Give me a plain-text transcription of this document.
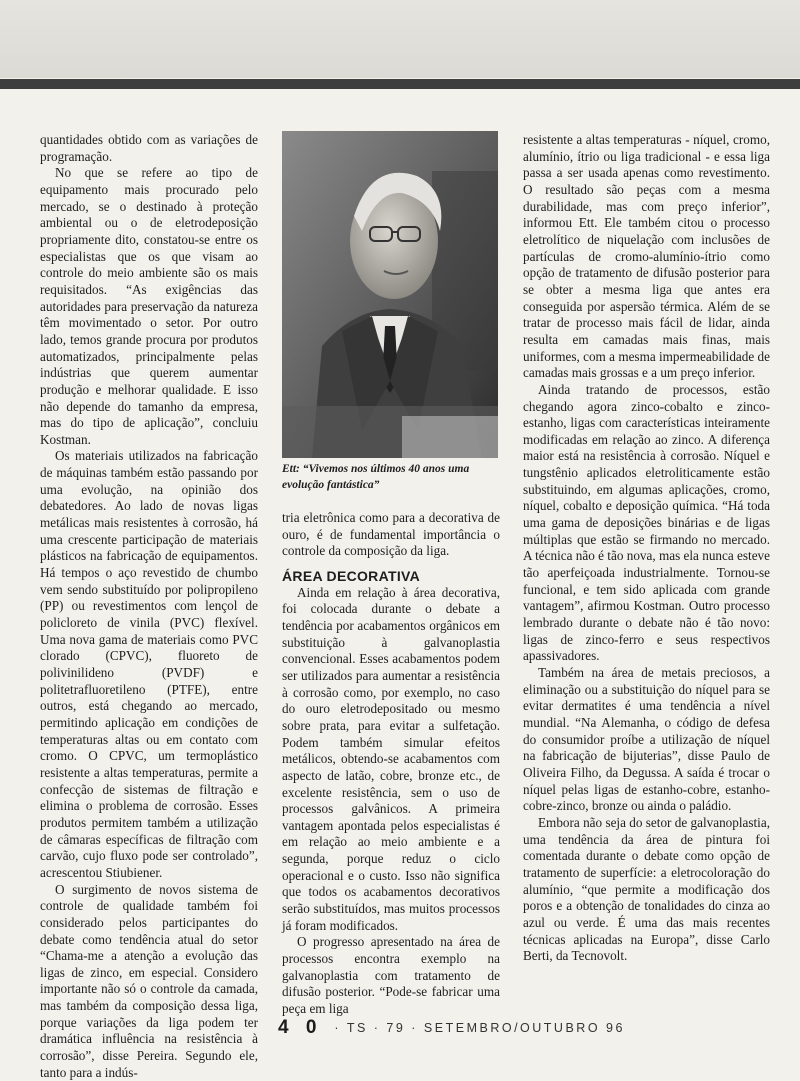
quantidades obtido com as variações de programação.

No que se refere ao tipo de equipamento mais procurado pelo mercado, se o destinado à proteção ambiental ou o de eletrodeposição propriamente dito, constatou-se entre os especialistas que os que visam ao controle do meio ambiente são os mais requisitados. “As exigências das autoridades para preservação da natureza têm movimentado o setor. Por outro lado, temos grande procura por produtos automatizados, principalmente pelas indústrias que querem aumentar produção e melhorar qualidade. E isso não depende do tamanho da empresa, mas do tipo de aplicação”, concluiu Kostman.

Os materiais utilizados na fabricação de máquinas também estão passando por uma evolução, na opinião dos debatedores. Ao lado de novas ligas metálicas mais resistentes à corrosão, há uma crescente participação de materiais plásticos na fabricação de equipamentos. Há tempos o aço revestido de chumbo vem sendo substituído por polipropileno (PP) ou revestimentos com lençol de policloreto de vinila (PVC) flexível. Uma nova gama de materiais como PVC clorado (CPVC), fluoreto de polivinilideno (PVDF) e politetrafluoretileno (PTFE), entre outros, está chegando ao mercado, permitindo aplicação em condições de temperaturas altas ou em contato com cromo. O CPVC, um termoplástico resistente a altas temperaturas, permite a confecção de sistemas de filtração e elimina o problema de corrosão. Esses produtos permitem também a utilização de câmaras específicas de filtração com carvão, cujo fluxo pode ser controlado”, acrescentou Stiubiener.

O surgimento de novos sistema de controle de qualidade também foi considerado pelos participantes do debate como tendência atual do setor “Chama-me a atenção a evolução das ligas de zinco, em especial. Considero importante não só o controle da camada, mas também da composição dessa liga, porque variações da liga podem ter dramática influência na resistência à corrosão”, disse Pereira. Segundo ele, tanto para a indús-

Ett: “Vivemos nos últimos 40 anos uma evolução fantástica”

tria eletrônica como para a decorativa de ouro, é de fundamental importância o controle da composição da liga.

ÁREA DECORATIVA

Ainda em relação à área decorativa, foi colocada durante o debate a tendência por acabamentos orgânicos em substituição à galvanoplastia convencional. Esses acabamentos podem ser utilizados para aumentar a resistência à corrosão como, por exemplo, no caso do ouro eletrodepositado ou mesmo sobre prata, para evitar a sulfetação. Podem também simular efeitos metálicos, obtendo-se acabamentos com aspecto de latão, cobre, bronze etc., de excelente resistência, sem o uso de processos galvânicos. A primeira vantagem apontada pelos especialistas é em relação ao meio ambiente e a segunda, porque reduz o ciclo operacional e o custo. Isso não significa que todos os acabamentos decorativos serão substituídos, mas muitos processos já foram modificados.

O progresso apresentado na área de processos encontra exemplo na galvanoplastia com tratamento de difusão posterior. “Pode-se fabricar uma peça em liga

resistente a altas temperaturas - níquel, cromo, alumínio, ítrio ou liga tradicional - e essa liga passa a ser usada apenas como revestimento. O resultado são peças com a mesma durabilidade, mas com preço inferior”, informou Ett. Ele também citou o processo eletrolítico de niquelação com inclusões de partículas de cromo-alumínio-ítrio como opção de tratamento de difusão posterior para se obter a mesma liga que antes era conseguida por aspersão térmica. Além de se tratar de processo mais fácil de lidar, ainda resulta em camadas mais finas, mais uniformes, com a mesma impermeabilidade de camadas mais grossas e a um preço inferior.

Ainda tratando de processos, estão chegando agora zinco-cobalto e zinco-estanho, ligas com características inteiramente modificadas em relação ao zinco. A diferença maior está na resistência à corrosão. Níquel e tungstênio aplicados eletroliticamente estão substituindo, em algumas aplicações, cromo, níquel, cobalto e deposição química. “Há toda uma gama de deposições binárias e de ligas múltiplas que estão se firmando no mercado. A técnica não é tão nova, mas ela nunca esteve tão aperfeiçoada industrialmente. Tornou-se funcional, e tem sido aplicada com grande vantagem”, afirmou Kostman. Outro processo lembrado durante o debate não é tão novo: ligas de zinco-ferro e seus respectivos apassivadores.

Também na área de metais preciosos, a eliminação ou a substituição do níquel para se evitar dermatites é uma tendência a nível mundial. “Na Alemanha, o código de defesa do consumidor proíbe a utilização de níquel na fabricação de bijuterias”, disse Paulo de Oliveira Filho, da Degussa. A saída é trocar o níquel pelas ligas de estanho-cobre, estanho-cobre-zinco, bronze ou ainda o paládio.

Embora não seja do setor de galvanoplastia, uma tendência da área de pintura foi comentada durante o debate como opção de tratamento de superfície: a eletrocoloração do alumínio, “que permite a modificação dos poros e a obtenção de tonalidades do cinza ao azul ou verde. É uma das mais recentes técnicas aplicadas na Europa”, disse Carlo Berti, da Tecnovolt.

4 0 · TS · 79 · SETEMBRO/OUTUBRO 96
